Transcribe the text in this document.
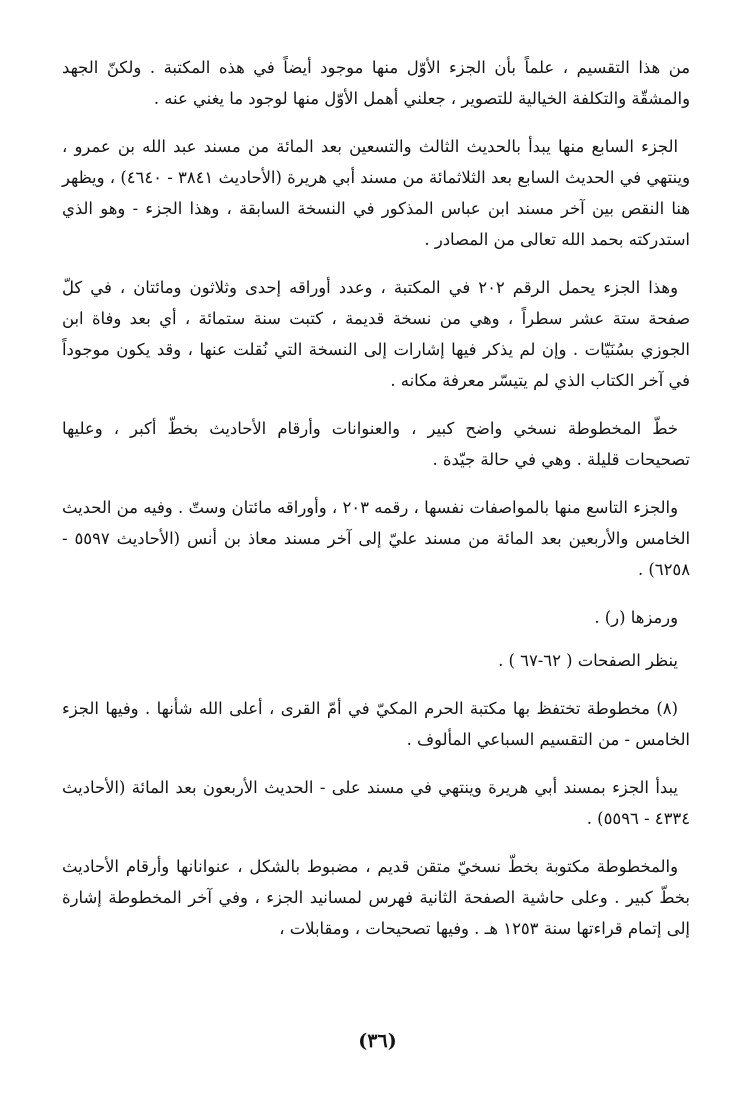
من هذا التقسيم ، علماً بأن الجزء الأوّل منها موجود أيضاً في هذه المكتبة . ولكنّ الجهد والمشقّة والتكلفة الخيالية للتصوير ، جعلني أهمل الأوّل منها لوجود ما يغني عنه .

الجزء السابع منها يبدأ بالحديث الثالث والتسعين بعد المائة من مسند عبد الله بن عمرو ، وينتهي في الحديث السابع بعد الثلاثمائة من مسند أبي هريرة (الأحاديث ٣٨٤١ - ٤٦٤٠) ، ويظهر هنا النقص بين آخر مسند ابن عباس المذكور في النسخة السابقة ، وهذا الجزء - وهو الذي استدركته بحمد الله تعالى من المصادر .

وهذا الجزء يحمل الرقم ٢٠٢ في المكتبة ، وعدد أوراقه إحدى وثلاثون ومائتان ، في كلّ صفحة ستة عشر سطراً ، وهي من نسخة قديمة ، كتبت سنة ستمائة ، أي بعد وفاة ابن الجوزي بسُنَيّات . وإن لم يذكر فيها إشارات إلى النسخة التي نُقلت عنها ، وقد يكون موجوداً في آخر الكتاب الذي لم يتيسّر معرفة مكانه .

خطّ المخطوطة نسخي واضح كبير ، والعنوانات وأرقام الأحاديث بخطّ أكبر ، وعليها تصحيحات قليلة . وهي في حالة جيّدة .

والجزء التاسع منها بالمواصفات نفسها ، رقمه ٢٠٣ ، وأوراقه مائتان وستّ . وفيه من الحديث الخامس والأربعين بعد المائة من مسند عليّ إلى آخر مسند معاذ بن أنس (الأحاديث ٥٥٩٧ - ٦٢٥٨) .

ورمزها (ر) .

ينظر الصفحات ( ٦٢-٦٧ ) .

(٨) مخطوطة تختفظ بها مكتبة الحرم المكيّ في أمّ القرى ، أعلى الله شأنها . وفيها الجزء الخامس - من التقسيم السباعي المألوف .

يبدأ الجزء بمسند أبي هريرة وينتهي في مسند على - الحديث الأربعون بعد المائة (الأحاديث ٤٣٣٤ - ٥٥٩٦) .

والمخطوطة مكتوبة بخطّ نسخيّ متقن قديم ، مضبوط بالشكل ، عنوانانها وأرقام الأحاديث بخطّ كبير . وعلى حاشية الصفحة الثانية فهرس لمسانيد الجزء ، وفي آخر المخطوطة إشارة إلى إتمام قراءتها سنة ١٢٥٣ هـ . وفيها تصحيحات ، ومقابلات ،

(٣٦)
